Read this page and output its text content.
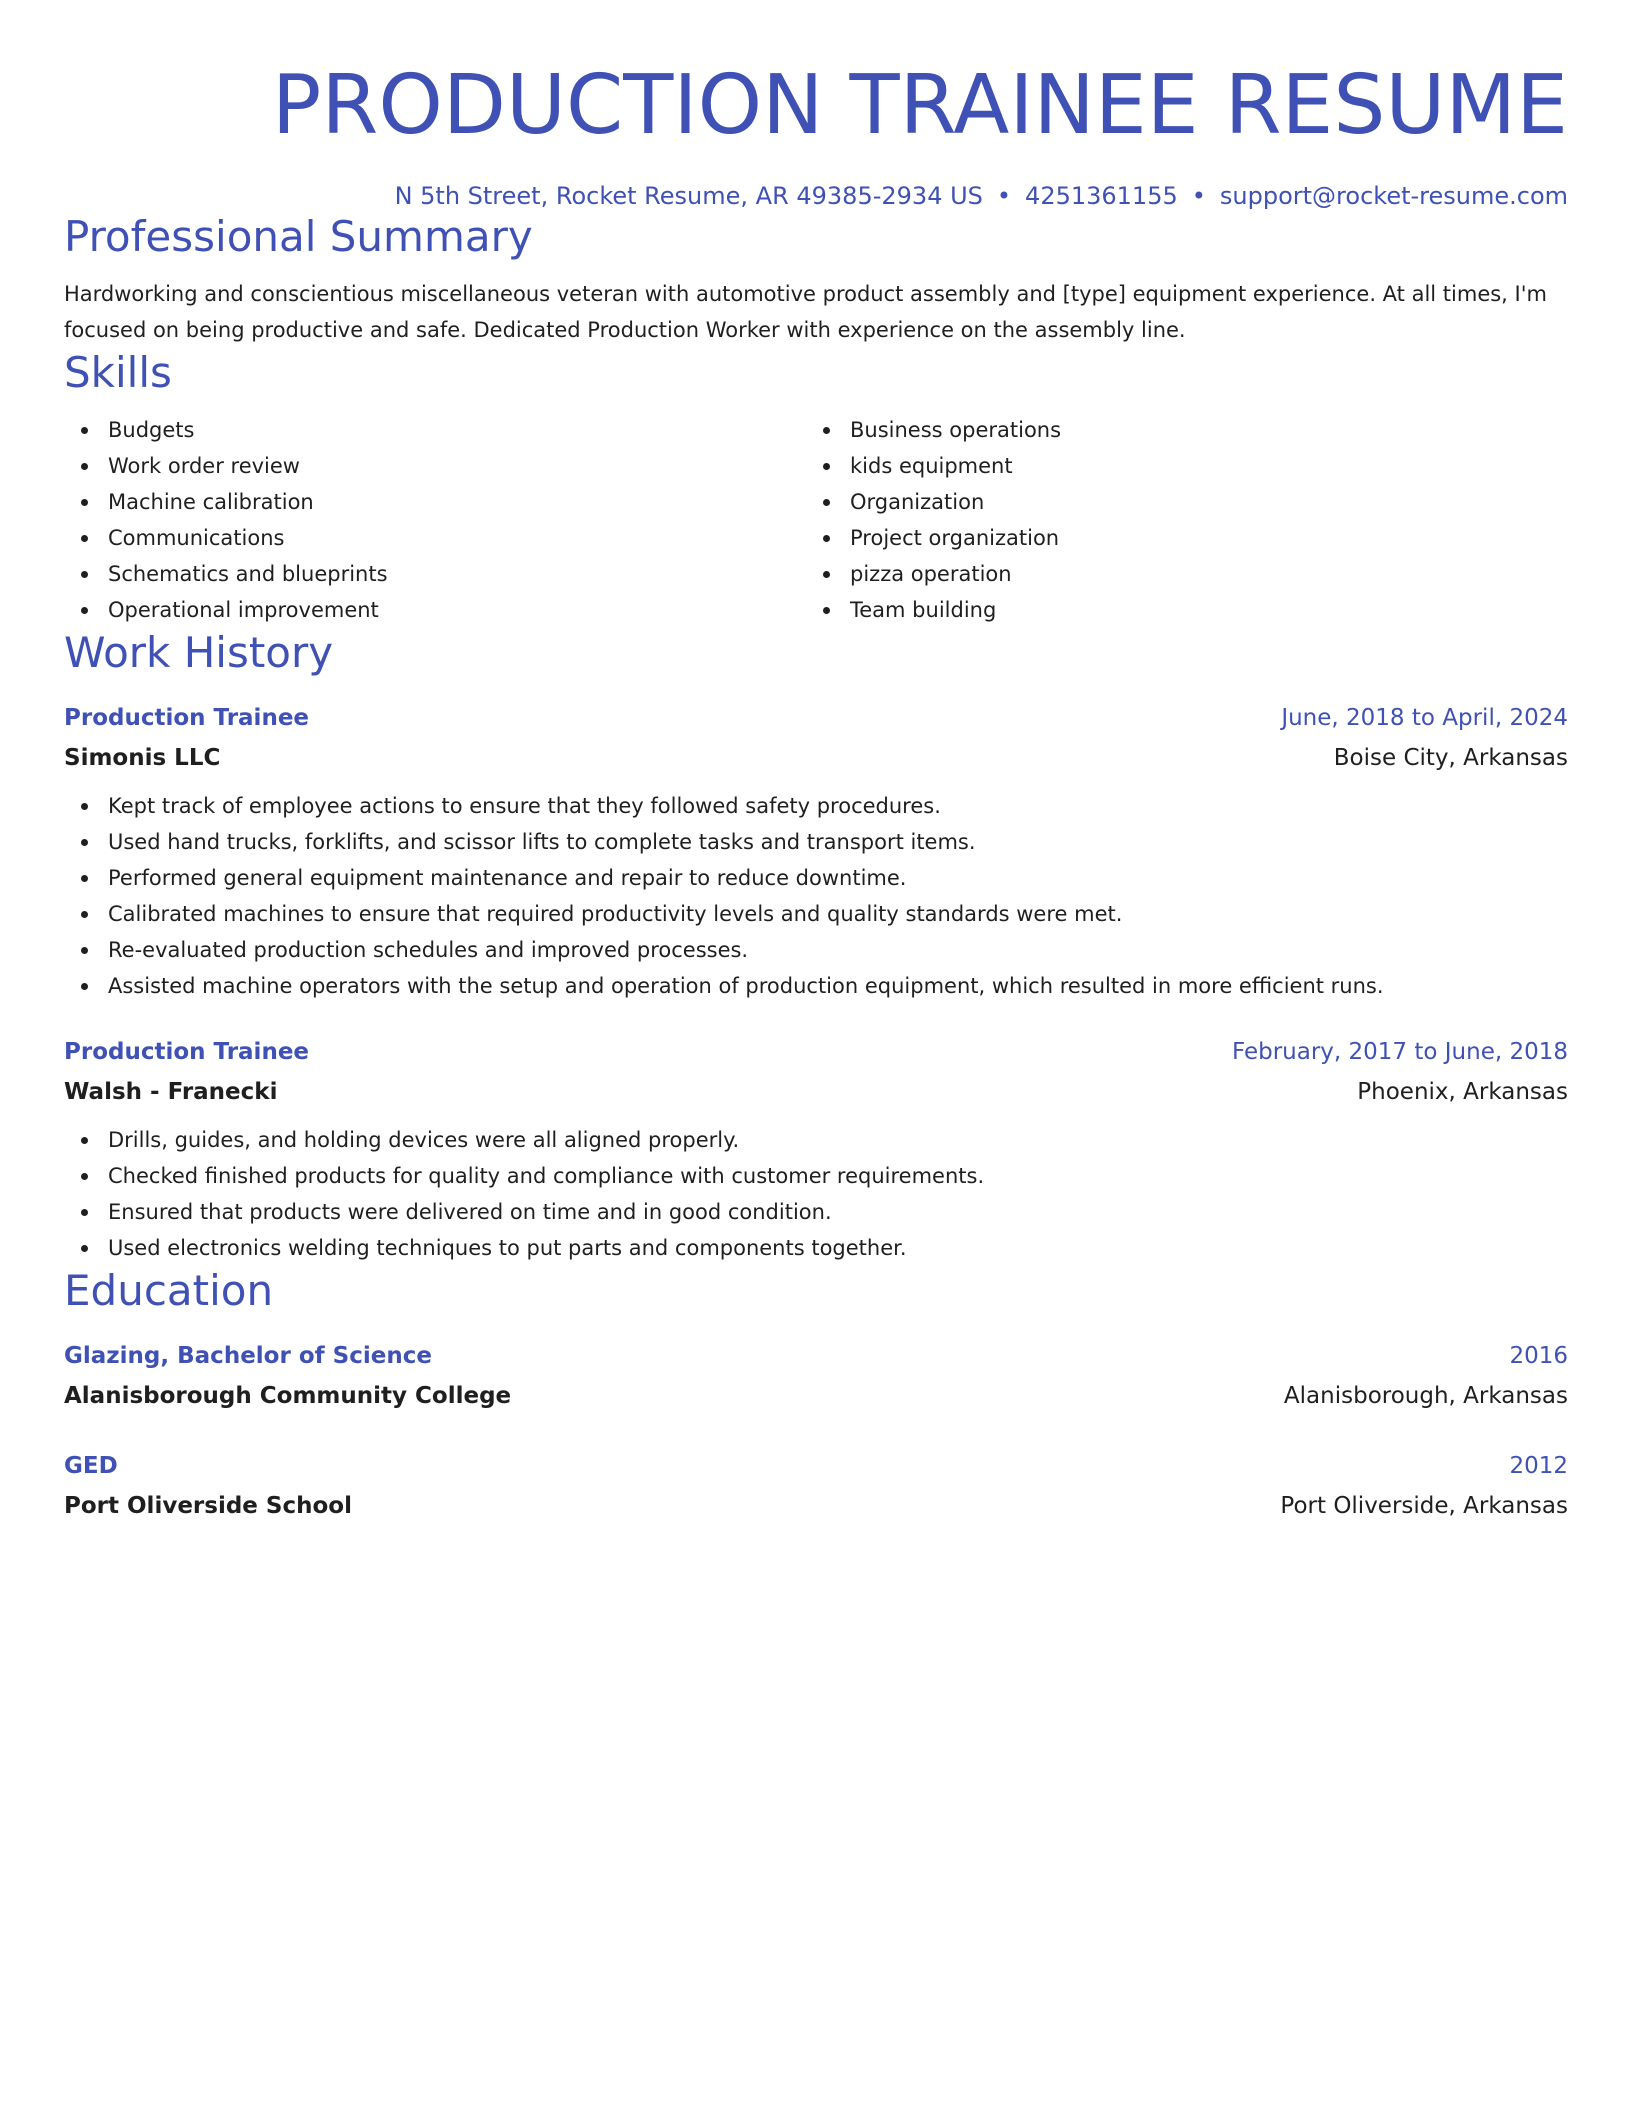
PRODUCTION TRAINEE RESUME
N 5th Street, Rocket Resume, AR 49385-2934 US • 4251361155 • support@rocket-resume.com
Professional Summary
Hardworking and conscientious miscellaneous veteran with automotive product assembly and [type] equipment experience. At all times, I'm focused on being productive and safe. Dedicated Production Worker with experience on the assembly line.
Skills
Budgets
Work order review
Machine calibration
Communications
Schematics and blueprints
Operational improvement
Business operations
kids equipment
Organization
Project organization
pizza operation
Team building
Work History
Production Trainee	June, 2018 to April, 2024
Simonis LLC	Boise City, Arkansas
Kept track of employee actions to ensure that they followed safety procedures.
Used hand trucks, forklifts, and scissor lifts to complete tasks and transport items.
Performed general equipment maintenance and repair to reduce downtime.
Calibrated machines to ensure that required productivity levels and quality standards were met.
Re-evaluated production schedules and improved processes.
Assisted machine operators with the setup and operation of production equipment, which resulted in more efficient runs.
Production Trainee	February, 2017 to June, 2018
Walsh - Franecki	Phoenix, Arkansas
Drills, guides, and holding devices were all aligned properly.
Checked finished products for quality and compliance with customer requirements.
Ensured that products were delivered on time and in good condition.
Used electronics welding techniques to put parts and components together.
Education
Glazing, Bachelor of Science	2016
Alanisborough Community College	Alanisborough, Arkansas
GED	2012
Port Oliverside School	Port Oliverside, Arkansas
